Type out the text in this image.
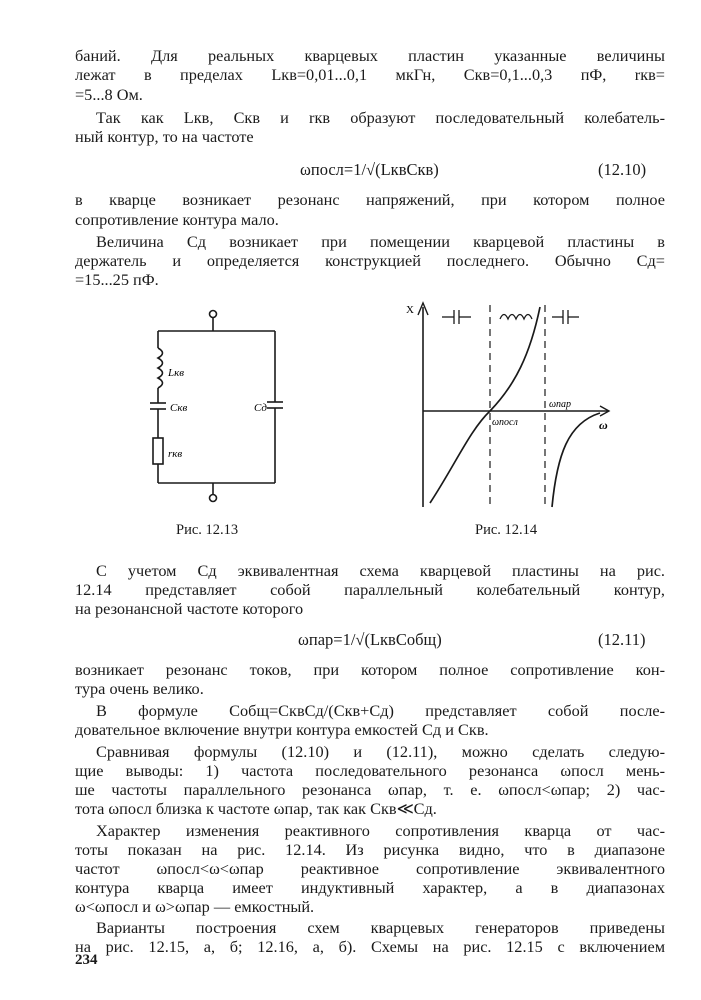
баний. Для реальных кварцевых пластин указанные величины
лежат в пределах Lкв=0,01...0,1 мкГн, Cкв=0,1...0,3 пФ, rкв=
=5...8 Ом.
Так как Lкв, Cкв и rкв образуют последовательный колебатель-
ный контур, то на частоте
ωпосл=1/√(LквCкв)	(12.10)
в кварце возникает резонанс напряжений, при котором полное
сопротивление контура мало.
Величина Cд возникает при помещении кварцевой пластины в
держатель и определяется конструкцией последнего. Обычно Cд=
=15...25 пФ.
Lкв
Cкв
rкв
Cд
Рис. 12.13
X
ω
ωпосл
ωпар
Рис. 12.14
С учетом Cд эквивалентная схема кварцевой пластины на рис.
12.14 представляет собой параллельный колебательный контур,
на резонансной частоте которого
ωпар=1/√(LквCобщ)	(12.11)
возникает резонанс токов, при котором полное сопротивление кон-
тура очень велико.
В формуле Cобщ=CквCд/(Cкв+Cд) представляет собой после-
довательное включение внутри контура емкостей Cд и Cкв.
Сравнивая формулы (12.10) и (12.11), можно сделать следую-
щие выводы: 1) частота последовательного резонанса ωпосл мень-
ше частоты параллельного резонанса ωпар, т. е. ωпосл<ωпар; 2) час-
тота ωпосл близка к частоте ωпар, так как Cкв≪Cд.
Характер изменения реактивного сопротивления кварца от час-
тоты показан на рис. 12.14. Из рисунка видно, что в диапазоне
частот ωпосл<ω<ωпар реактивное сопротивление эквивалентного
контура кварца имеет индуктивный характер, а в диапазонах
ω<ωпосл и ω>ωпар — емкостный.
Варианты построения схем кварцевых генераторов приведены
на рис. 12.15, а, б; 12.16, а, б). Схемы на рис. 12.15 с включением
234
